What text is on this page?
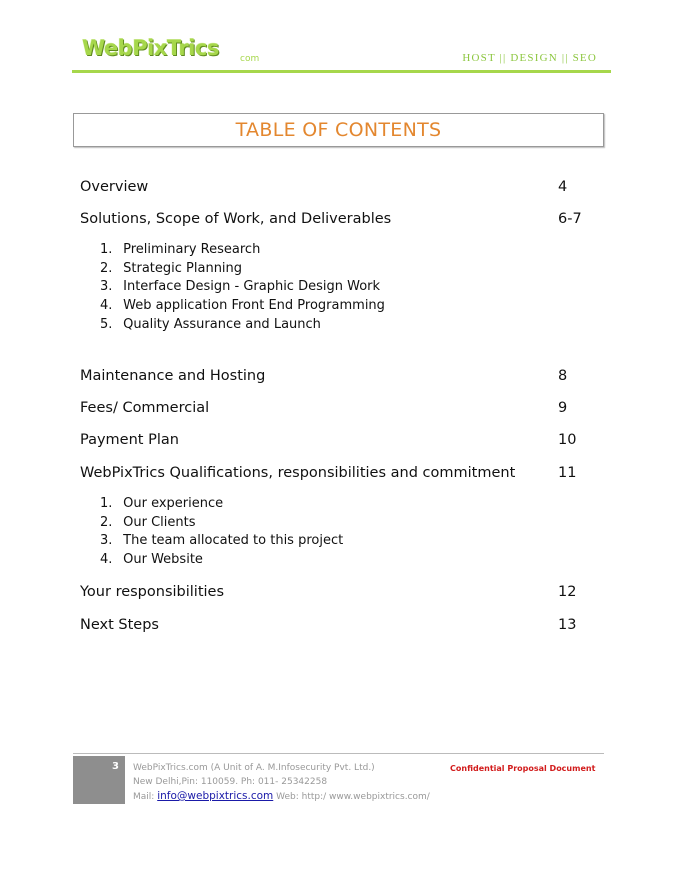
WebPixTrics com	HOST || DESIGN || SEO
TABLE OF CONTENTS
Overview	4
Solutions, Scope of Work, and Deliverables	6-7
1. Preliminary Research
2. Strategic Planning
3. Interface Design - Graphic Design Work
4. Web application Front End Programming
5. Quality Assurance and Launch
Maintenance and Hosting	8
Fees/ Commercial	9
Payment Plan	10
WebPixTrics Qualifications, responsibilities and commitment	11
1. Our experience
2. Our Clients
3. The team allocated to this project
4. Our Website
Your responsibilities	12
Next Steps	13
3 WebPixTrics.com (A Unit of A. M.Infosecurity Pvt. Ltd.)
New Delhi,Pin: 110059. Ph: 011- 25342258
Mail: info@webpixtrics.com Web: http:/ www.webpixtrics.com/
Confidential Proposal Document
